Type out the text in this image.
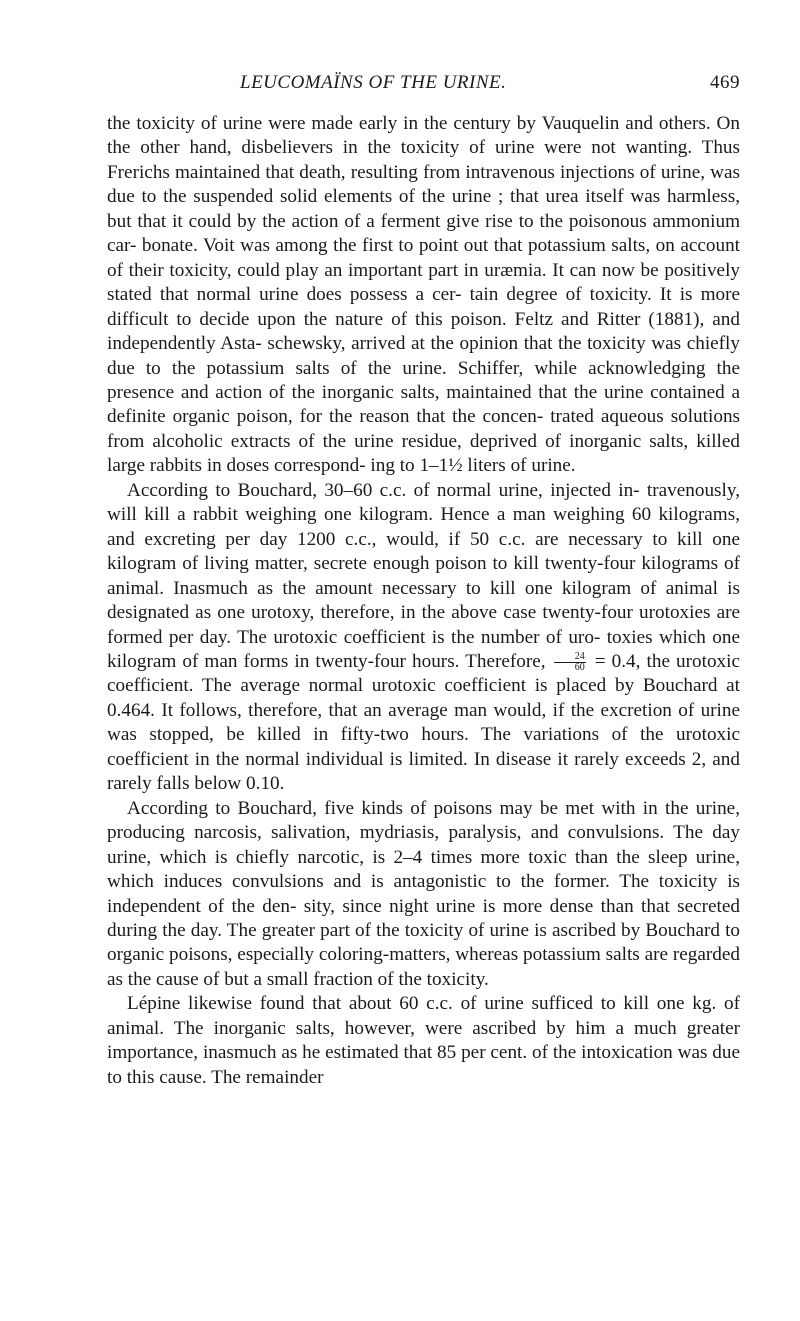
LEUCOMAÏNS OF THE URINE.	469

the toxicity of urine were made early in the century by Vauquelin and others. On the other hand, disbelievers in the toxicity of urine were not wanting. Thus Frerichs maintained that death, resulting from intravenous injections of urine, was due to the suspended solid elements of the urine ; that urea itself was harmless, but that it could by the action of a ferment give rise to the poisonous ammonium car- bonate. Voit was among the first to point out that potassium salts, on account of their toxicity, could play an important part in uræmia. It can now be positively stated that normal urine does possess a cer- tain degree of toxicity. It is more difficult to decide upon the nature of this poison. Feltz and Ritter (1881), and independently Asta- schewsky, arrived at the opinion that the toxicity was chiefly due to the potassium salts of the urine. Schiffer, while acknowledging the presence and action of the inorganic salts, maintained that the urine contained a definite organic poison, for the reason that the concen- trated aqueous solutions from alcoholic extracts of the urine residue, deprived of inorganic salts, killed large rabbits in doses correspond- ing to 1–1½ liters of urine.

According to Bouchard, 30–60 c.c. of normal urine, injected in- travenously, will kill a rabbit weighing one kilogram. Hence a man weighing 60 kilograms, and excreting per day 1200 c.c., would, if 50 c.c. are necessary to kill one kilogram of living matter, secrete enough poison to kill twenty-four kilograms of animal. Inasmuch as the amount necessary to kill one kilogram of animal is designated as one urotoxy, therefore, in the above case twenty-four urotoxies are formed per day. The urotoxic coefficient is the number of uro- toxies which one kilogram of man forms in twenty-four hours. Therefore, $\frac{24}{60} = 0.4$, the urotoxic coefficient. The average normal urotoxic coefficient is placed by Bouchard at 0.464. It follows, therefore, that an average man would, if the excretion of urine was stopped, be killed in fifty-two hours. The variations of the urotoxic coefficient in the normal individual is limited. In disease it rarely exceeds 2, and rarely falls below 0.10.

According to Bouchard, five kinds of poisons may be met with in the urine, producing narcosis, salivation, mydriasis, paralysis, and convulsions. The day urine, which is chiefly narcotic, is 2–4 times more toxic than the sleep urine, which induces convulsions and is antagonistic to the former. The toxicity is independent of the den- sity, since night urine is more dense than that secreted during the day. The greater part of the toxicity of urine is ascribed by Bouchard to organic poisons, especially coloring-matters, whereas potassium salts are regarded as the cause of but a small fraction of the toxicity.

Lépine likewise found that about 60 c.c. of urine sufficed to kill one kg. of animal. The inorganic salts, however, were ascribed by him a much greater importance, inasmuch as he estimated that 85 per cent. of the intoxication was due to this cause. The remainder
